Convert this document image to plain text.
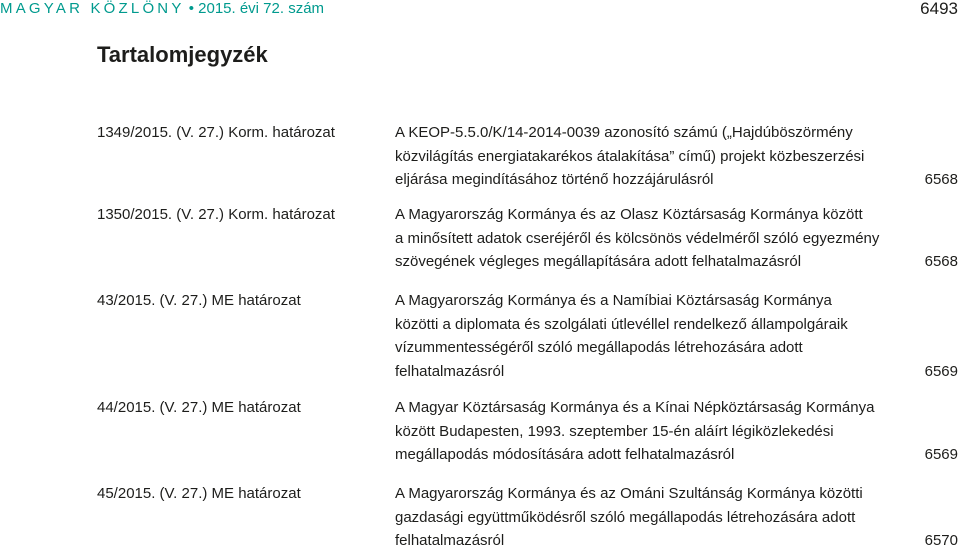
MAGYAR KÖZLÖNY • 2015. évi 72. szám	6493
Tartalomjegyzék
1349/2015. (V. 27.) Korm. határozat	A KEOP-5.5.0/K/14-2014-0039 azonosító számú („Hajdúböszörmény
közvilágítás energiatakarékos átalakítása” című) projekt közbeszerzési
eljárása megindításához történő hozzájárulásról	6568
1350/2015. (V. 27.) Korm. határozat	A Magyarország Kormánya és az Olasz Köztársaság Kormánya között
a minősített adatok cseréjéről és kölcsönös védelméről szóló egyezmény
szövegének végleges megállapítására adott felhatalmazásról	6568
43/2015. (V. 27.) ME határozat	A Magyarország Kormánya és a Namíbiai Köztársaság Kormánya
közötti a diplomata és szolgálati útlevéllel rendelkező állampolgáraik
vízummentességéről szóló megállapodás létrehozására adott
felhatalmazásról	6569
44/2015. (V. 27.) ME határozat	A Magyar Köztársaság Kormánya és a Kínai Népköztársaság Kormánya
között Budapesten, 1993. szeptember 15-én aláírt légiközlekedési
megállapodás módosítására adott felhatalmazásról	6569
45/2015. (V. 27.) ME határozat	A Magyarország Kormánya és az Ománi Szultánság Kormánya közötti
gazdasági együttműködésről szóló megállapodás létrehozására adott
felhatalmazásról	6570
